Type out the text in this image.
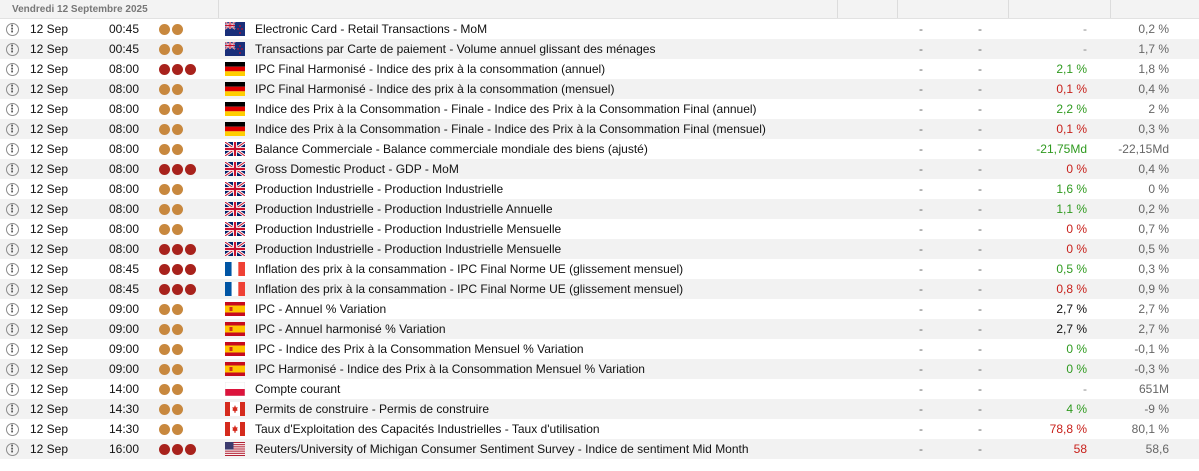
Vendredi 12 Septembre 2025
⋮	12 Sep	00:45	Electronic Card - Retail Transactions - MoM	-	-	-	0,2 %
⋮	12 Sep	00:45	Transactions par Carte de paiement - Volume annuel glissant des ménages	-	-	-	1,7 %
⋮	12 Sep	08:00	IPC Final Harmonisé - Indice des prix à la consommation (annuel)	-	-	2,1 %	1,8 %
⋮	12 Sep	08:00	IPC Final Harmonisé - Indice des prix à la consommation (mensuel)	-	-	0,1 %	0,4 %
⋮	12 Sep	08:00	Indice des Prix à la Consommation - Finale - Indice des Prix à la Consommation Final (annuel)	-	-	2,2 %	2 %
⋮	12 Sep	08:00	Indice des Prix à la Consommation - Finale - Indice des Prix à la Consommation Final (mensuel)	-	-	0,1 %	0,3 %
⋮	12 Sep	08:00	Balance Commerciale - Balance commerciale mondiale des biens (ajusté)	-	-	-21,75Md	-22,15Md
⋮	12 Sep	08:00	Gross Domestic Product - GDP - MoM	-	-	0 %	0,4 %
⋮	12 Sep	08:00	Production Industrielle - Production Industrielle	-	-	1,6 %	0 %
⋮	12 Sep	08:00	Production Industrielle - Production Industrielle Annuelle	-	-	1,1 %	0,2 %
⋮	12 Sep	08:00	Production Industrielle - Production Industrielle Mensuelle	-	-	0 %	0,7 %
⋮	12 Sep	08:00	Production Industrielle - Production Industrielle Mensuelle	-	-	0 %	0,5 %
⋮	12 Sep	08:45	Inflation des prix à la consammation - IPC Final Norme UE (glissement mensuel)	-	-	0,5 %	0,3 %
⋮	12 Sep	08:45	Inflation des prix à la consammation - IPC Final Norme UE (glissement mensuel)	-	-	0,8 %	0,9 %
⋮	12 Sep	09:00	IPC - Annuel % Variation	-	-	2,7 %	2,7 %
⋮	12 Sep	09:00	IPC - Annuel harmonisé % Variation	-	-	2,7 %	2,7 %
⋮	12 Sep	09:00	IPC - Indice des Prix à la Consommation Mensuel % Variation	-	-	0 %	-0,1 %
⋮	12 Sep	09:00	IPC Harmonisé - Indice des Prix à la Consommation Mensuel % Variation	-	-	0 %	-0,3 %
⋮	12 Sep	14:00	Compte courant	-	-	-	651M
⋮	12 Sep	14:30	Permits de construire - Permis de construire	-	-	4 %	-9 %
⋮	12 Sep	14:30	Taux d'Exploitation des Capacités Industrielles - Taux d'utilisation	-	-	78,8 %	80,1 %
⋮	12 Sep	16:00	Reuters/University of Michigan Consumer Sentiment Survey - Indice de sentiment Mid Month	-	-	58	58,6
